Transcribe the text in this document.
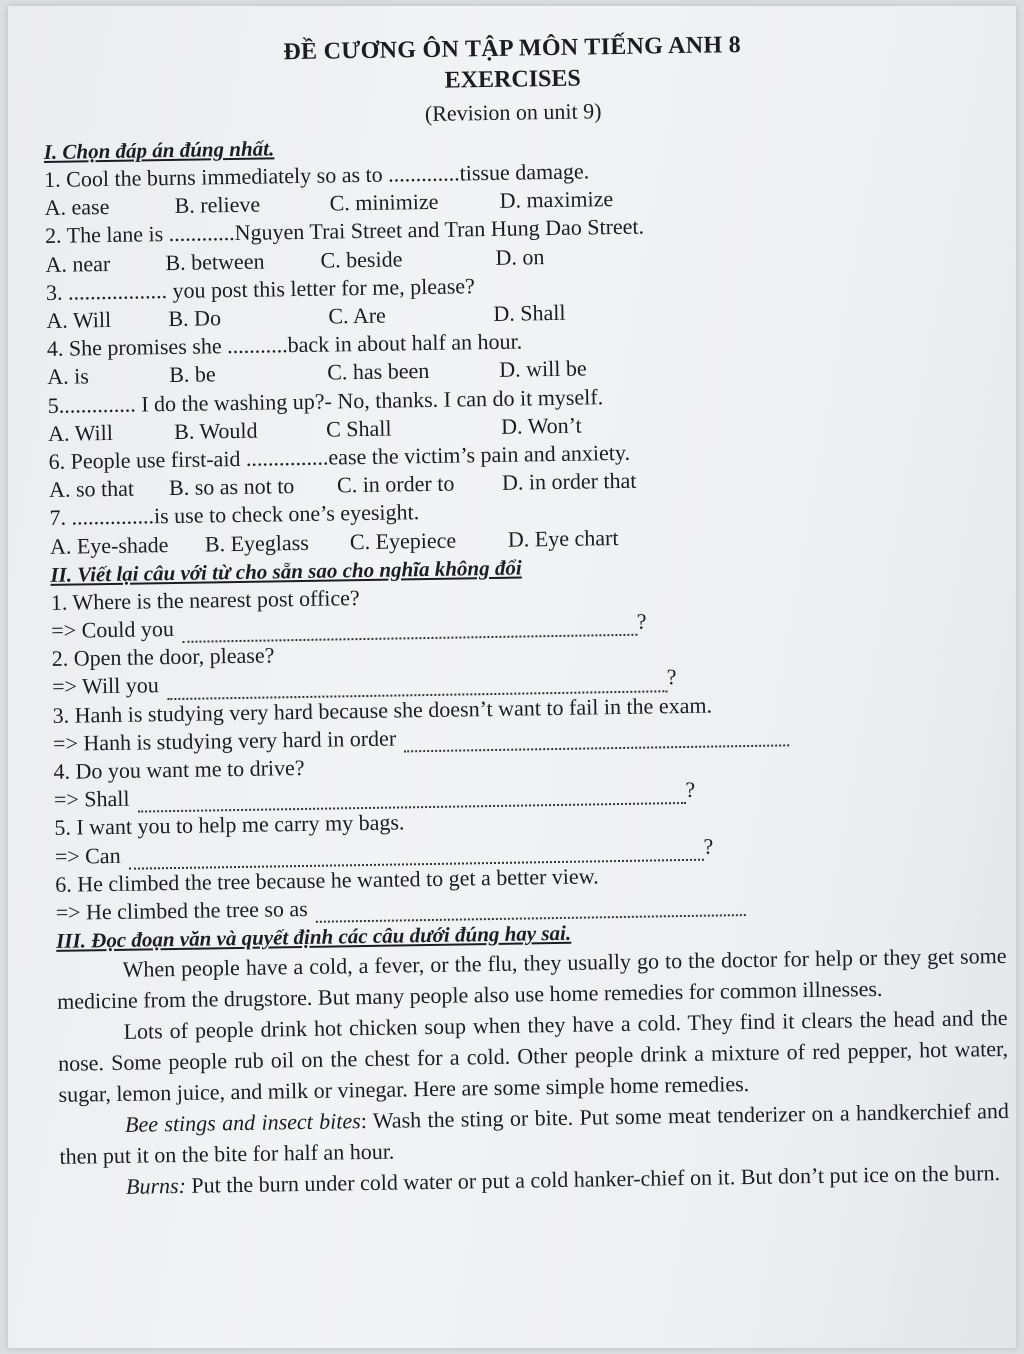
ĐỀ CƯƠNG ÔN TẬP MÔN TIẾNG ANH 8
EXERCISES
(Revision on unit 9)
I. Chọn đáp án đúng nhất.
1. Cool the burns immediately so as to .............tissue damage.
A. ease	B. relieve	C. minimize	D. maximize
2. The lane is ............Nguyen Trai Street and Tran Hung Dao Street.
A. near	B. between	C. beside	D. on
3. .................. you post this letter for me, please?
A. Will	B. Do	C. Are	D. Shall
4. She promises she ...........back in about half an hour.
A. is	B. be	C. has been	D. will be
5.............. I do the washing up?- No, thanks. I can do it myself.
A. Will	B. Would	C Shall	D. Won’t
6. People use first-aid ...............ease the victim’s pain and anxiety.
A. so that	B. so as not to	C. in order to	D. in order that
7. ...............is use to check one’s eyesight.
A. Eye-shade	B. Eyeglass	C. Eyepiece	D. Eye chart
II. Viết lại câu với từ cho sẵn sao cho nghĩa không đổi
1. Where is the nearest post office?
=> Could you	?
2. Open the door, please?
=> Will you	?
3. Hanh is studying very hard because she doesn’t want to fail in the exam.
=> Hanh is studying very hard in order
4. Do you want me to drive?
=> Shall	?
5. I want you to help me carry my bags.
=> Can	?
6. He climbed the tree because he wanted to get a better view.
=> He climbed the tree so as
III. Đọc đoạn văn và quyết định các câu dưới đúng hay sai.

When people have a cold, a fever, or the flu, they usually go to the doctor for help or they get some medicine from the drugstore. But many people also use home remedies for common illnesses.

Lots of people drink hot chicken soup when they have a cold. They find it clears the head and the nose. Some people rub oil on the chest for a cold. Other people drink a mixture of red pepper, hot water, sugar, lemon juice, and milk or vinegar. Here are some simple home remedies.

Bee stings and insect bites: Wash the sting or bite. Put some meat tenderizer on a handkerchief and then put it on the bite for half an hour.

Burns: Put the burn under cold water or put a cold hanker-chief on it. But don’t put ice on the burn.
